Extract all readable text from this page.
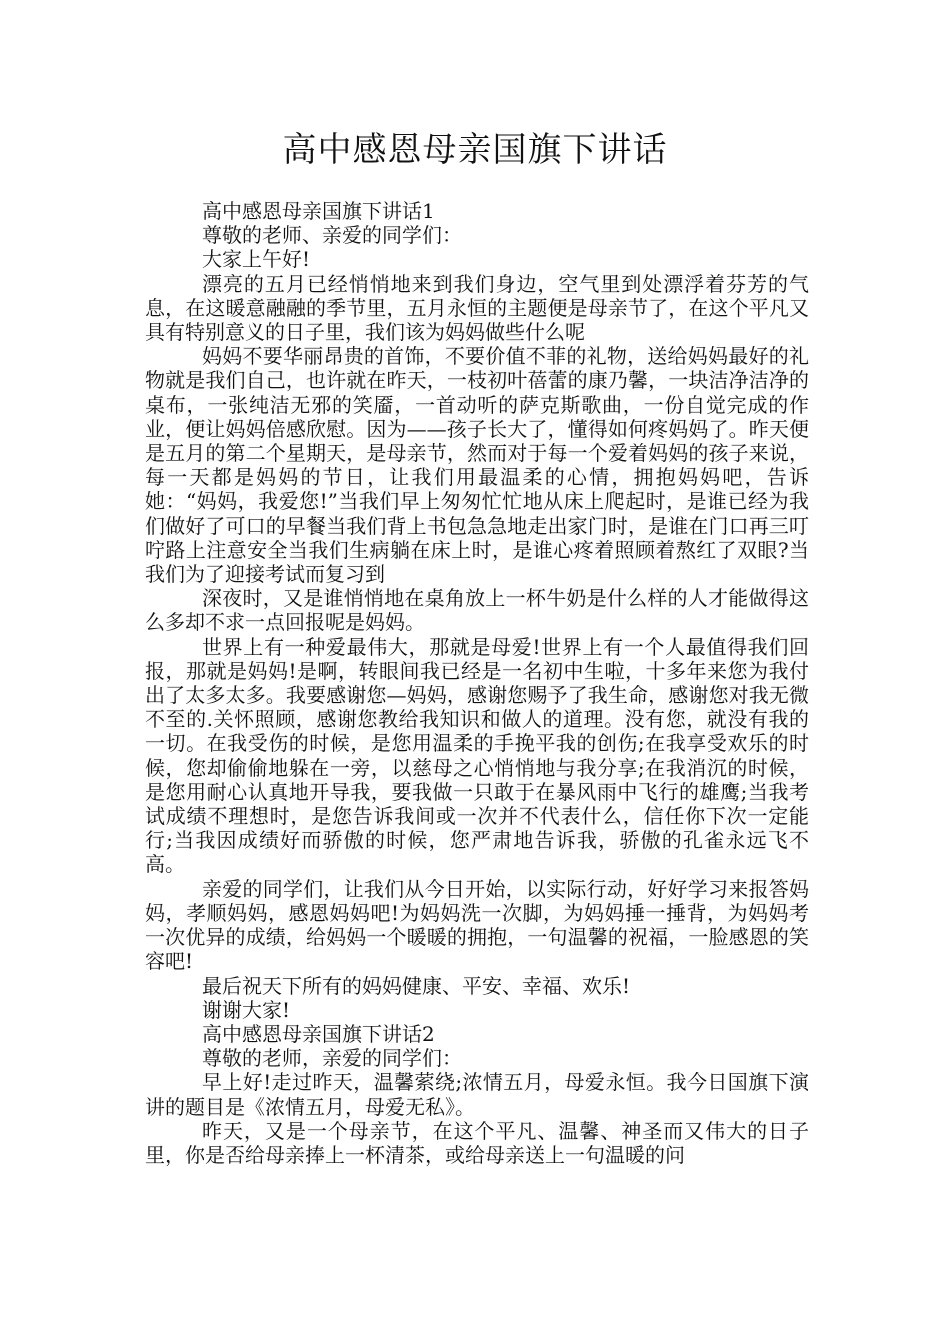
高中感恩母亲国旗下讲话

高中感恩母亲国旗下讲话1

尊敬的老师、亲爱的同学们：

大家上午好!

漂亮的五月已经悄悄地来到我们身边，空气里到处漂浮着芬芳的气息，在这暖意融融的季节里，五月永恒的主题便是母亲节了，在这个平凡又具有特别意义的日子里，我们该为妈妈做些什么呢

妈妈不要华丽昂贵的首饰，不要价值不菲的礼物，送给妈妈最好的礼物就是我们自己，也许就在昨天，一枝初叶蓓蕾的康乃馨，一块洁净洁净的桌布，一张纯洁无邪的笑靥，一首动听的萨克斯歌曲，一份自觉完成的作业，便让妈妈倍感欣慰。因为——孩子长大了，懂得如何疼妈妈了。昨天便是五月的第二个星期天，是母亲节，然而对于每一个爱着妈妈的孩子来说，每一天都是妈妈的节日，让我们用最温柔的心情，拥抱妈妈吧，告诉她：“妈妈，我爱您!”当我们早上匆匆忙忙地从床上爬起时，是谁已经为我们做好了可口的早餐当我们背上书包急急地走出家门时，是谁在门口再三叮咛路上注意安全当我们生病躺在床上时，是谁心疼着照顾着熬红了双眼?当我们为了迎接考试而复习到

深夜时，又是谁悄悄地在桌角放上一杯牛奶是什么样的人才能做得这么多却不求一点回报呢是妈妈。

世界上有一种爱最伟大，那就是母爱!世界上有一个人最值得我们回报，那就是妈妈!是啊，转眼间我已经是一名初中生啦，十多年来您为我付出了太多太多。我要感谢您—妈妈，感谢您赐予了我生命，感谢您对我无微不至的.关怀照顾，感谢您教给我知识和做人的道理。没有您，就没有我的一切。在我受伤的时候，是您用温柔的手挽平我的创伤;在我享受欢乐的时候，您却偷偷地躲在一旁，以慈母之心悄悄地与我分享;在我消沉的时候，是您用耐心认真地开导我，要我做一只敢于在暴风雨中飞行的雄鹰;当我考试成绩不理想时，是您告诉我间或一次并不代表什么，信任你下次一定能行;当我因成绩好而骄傲的时候，您严肃地告诉我，骄傲的孔雀永远飞不高。

亲爱的同学们，让我们从今日开始，以实际行动，好好学习来报答妈妈，孝顺妈妈，感恩妈妈吧!为妈妈洗一次脚，为妈妈捶一捶背，为妈妈考一次优异的成绩，给妈妈一个暖暖的拥抱，一句温馨的祝福，一脸感恩的笑容吧!

最后祝天下所有的妈妈健康、平安、幸福、欢乐!

谢谢大家!

高中感恩母亲国旗下讲话2

尊敬的老师，亲爱的同学们：

早上好!走过昨天，温馨萦绕;浓情五月，母爱永恒。我今日国旗下演讲的题目是《浓情五月，母爱无私》。

昨天，又是一个母亲节，在这个平凡、温馨、神圣而又伟大的日子里，你是否给母亲捧上一杯清茶，或给母亲送上一句温暖的问
